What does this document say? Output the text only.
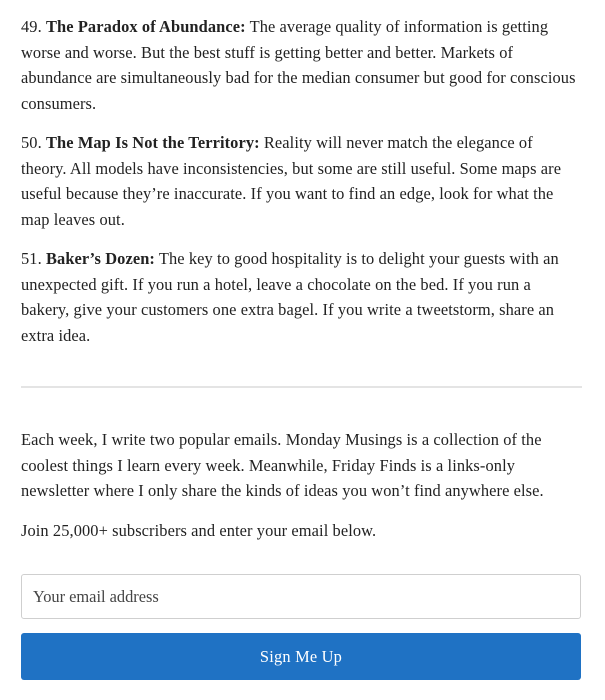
49. The Paradox of Abundance: The average quality of information is getting worse and worse. But the best stuff is getting better and better. Markets of abundance are simultaneously bad for the median consumer but good for conscious consumers.

50. The Map Is Not the Territory: Reality will never match the elegance of theory. All models have inconsistencies, but some are still useful. Some maps are useful because they’re inaccurate. If you want to find an edge, look for what the map leaves out.

51. Baker’s Dozen: The key to good hospitality is to delight your guests with an unexpected gift. If you run a hotel, leave a chocolate on the bed. If you run a bakery, give your customers one extra bagel. If you write a tweetstorm, share an extra idea.

Each week, I write two popular emails. Monday Musings is a collection of the coolest things I learn every week. Meanwhile, Friday Finds is a links-only newsletter where I only share the kinds of ideas you won’t find anywhere else.

Join 25,000+ subscribers and enter your email below.

Your email address
Sign Me Up
